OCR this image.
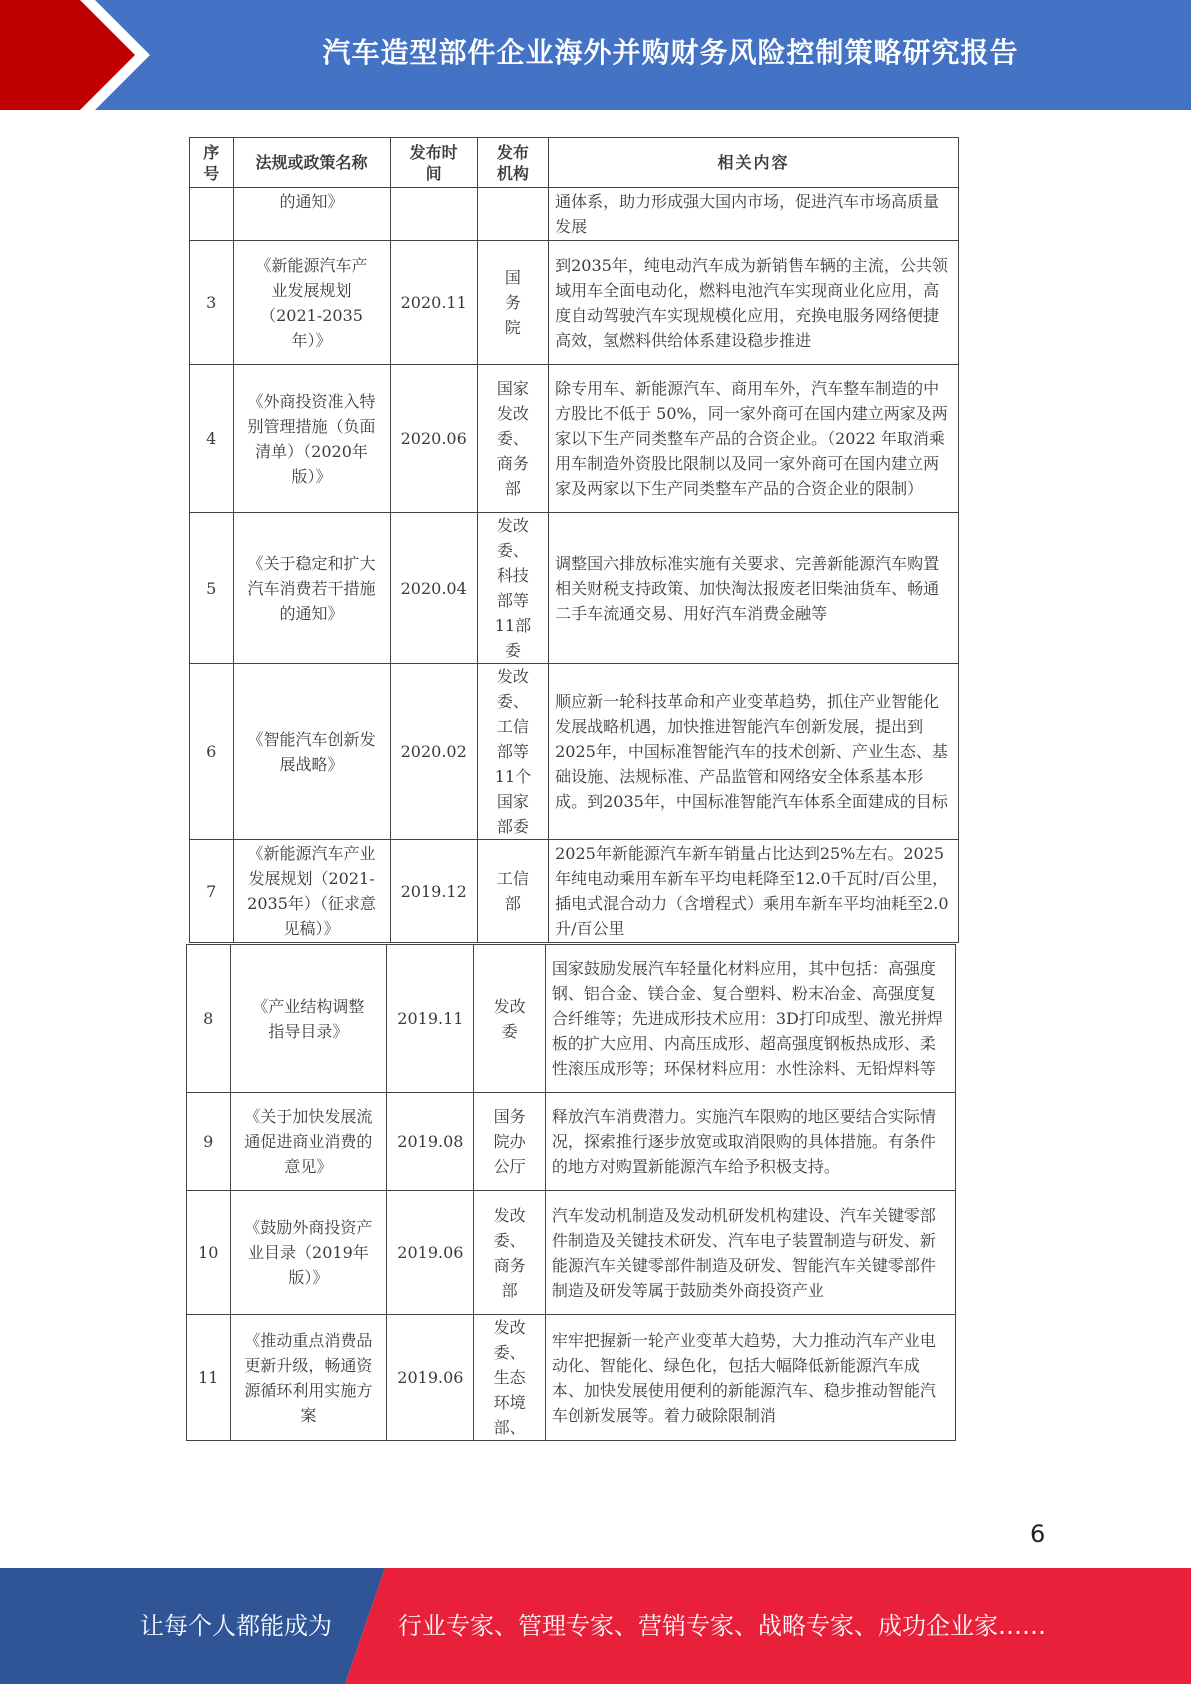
汽车造型部件企业海外并购财务风险控制策略研究报告
序号	法规或政策名称	发布时间	发布机构	相关内容
	的通知》			通体系，助力形成强大国内市场，促进汽车市场高质量发展
3	《新能源汽车产业发展规划（2021-2035年）》	2020.11	国务院	到2035年，纯电动汽车成为新销售车辆的主流，公共领域用车全面电动化，燃料电池汽车实现商业化应用，高度自动驾驶汽车实现规模化应用，充换电服务网络便捷高效，氢燃料供给体系建设稳步推进
4	《外商投资准入特别管理措施（负面清单）（2020年版）》	2020.06	国家发改委、商务部	除专用车、新能源汽车、商用车外，汽车整车制造的中方股比不低于 50%，同一家外商可在国内建立两家及两家以下生产同类整车产品的合资企业。（2022 年取消乘用车制造外资股比限制以及同一家外商可在国内建立两家及两家以下生产同类整车产品的合资企业的限制）
5	《关于稳定和扩大汽车消费若干措施的通知》	2020.04	发改委、科技部等11部委	调整国六排放标准实施有关要求、完善新能源汽车购置相关财税支持政策、加快淘汰报废老旧柴油货车、畅通二手车流通交易、用好汽车消费金融等
6	《智能汽车创新发展战略》	2020.02	发改委、工信部等11个国家部委	顺应新一轮科技革命和产业变革趋势，抓住产业智能化发展战略机遇，加快推进智能汽车创新发展，提出到2025年，中国标准智能汽车的技术创新、产业生态、基础设施、法规标准、产品监管和网络安全体系基本形成。到2035年，中国标准智能汽车体系全面建成的目标
7	《新能源汽车产业发展规划（2021-2035年）（征求意见稿）》	2019.12	工信部	2025年新能源汽车新车销量占比达到25%左右。2025年纯电动乘用车新车平均电耗降至12.0千瓦时/百公里，插电式混合动力（含增程式）乘用车新车平均油耗至2.0升/百公里
8	《产业结构调整指导目录》	2019.11	发改委	国家鼓励发展汽车轻量化材料应用，其中包括：高强度钢、铝合金、镁合金、复合塑料、粉末冶金、高强度复合纤维等；先进成形技术应用：3D打印成型、激光拼焊板的扩大应用、内高压成形、超高强度钢板热成形、柔性滚压成形等；环保材料应用：水性涂料、无铅焊料等
9	《关于加快发展流通促进商业消费的意见》	2019.08	国务院办公厅	释放汽车消费潜力。实施汽车限购的地区要结合实际情况，探索推行逐步放宽或取消限购的具体措施。有条件的地方对购置新能源汽车给予积极支持。
10	《鼓励外商投资产业目录（2019年版）》	2019.06	发改委、商务部	汽车发动机制造及发动机研发机构建设、汽车关键零部件制造及关键技术研发、汽车电子装置制造与研发、新能源汽车关键零部件制造及研发、智能汽车关键零部件制造及研发等属于鼓励类外商投资产业
11	《推动重点消费品更新升级，畅通资源循环利用实施方案	2019.06	发改委、生态环境部、	牢牢把握新一轮产业变革大趋势，大力推动汽车产业电动化、智能化、绿色化，包括大幅降低新能源汽车成本、加快发展使用便利的新能源汽车、稳步推动智能汽车创新发展等。着力破除限制消
6
让每个人都能成为	行业专家、管理专家、营销专家、战略专家、成功企业家……
